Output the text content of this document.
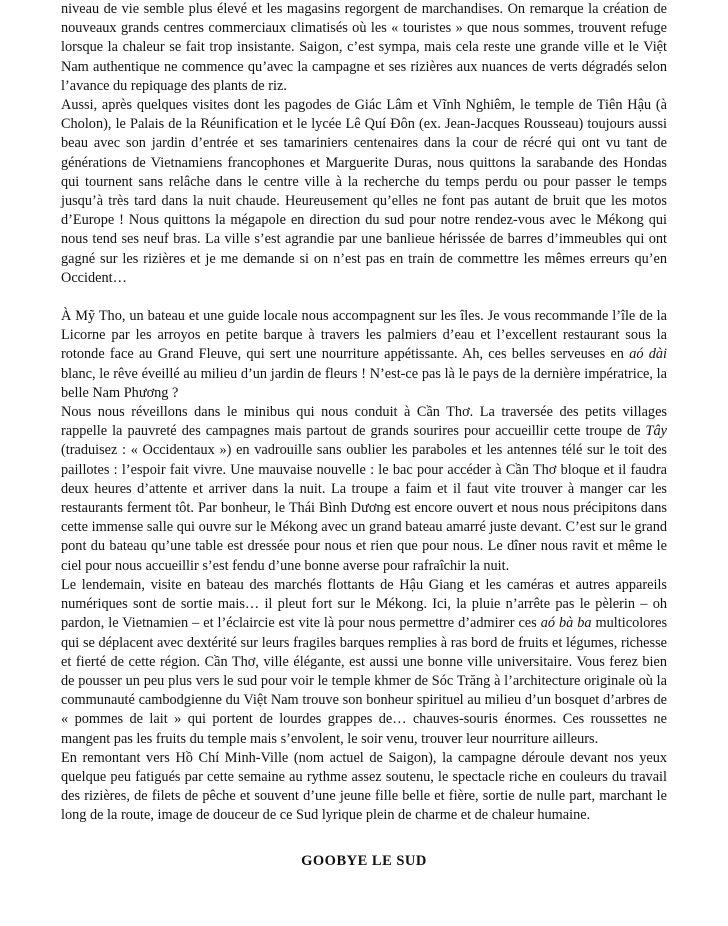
niveau de vie semble plus élevé et les magasins regorgent de marchandises. On remarque la création de nouveaux grands centres commerciaux climatisés où les « touristes » que nous sommes, trouvent refuge lorsque la chaleur se fait trop insistante. Saigon, c’est sympa, mais cela reste une grande ville et le Việt Nam authentique ne commence qu’avec la campagne et ses rizières aux nuances de verts dégradés selon l’avance du repiquage des plants de riz.

Aussi, après quelques visites dont les pagodes de Giác Lâm et Vĩnh Nghiêm, le temple de Tiên Hậu (à Cholon), le Palais de la Réunification et le lycée Lê Quí Đôn (ex. Jean-Jacques Rousseau) toujours aussi beau avec son jardin d’entrée et ses tamariniers centenaires dans la cour de récré qui ont vu tant de générations de Vietnamiens francophones et Marguerite Duras, nous quittons la sarabande des Hondas qui tournent sans relâche dans le centre ville à la recherche du temps perdu ou pour passer le temps jusqu’à très tard dans la nuit chaude. Heureusement qu’elles ne font pas autant de bruit que les motos d’Europe ! Nous quittons la mégapole en direction du sud pour notre rendez-vous avec le Mékong qui nous tend ses neuf bras. La ville s’est agrandie par une banlieue hérissée de barres d’immeubles qui ont gagné sur les rizières et je me demande si on n’est pas en train de commettre les mêmes erreurs qu’en Occident…

À Mỹ Tho, un bateau et une guide locale nous accompagnent sur les îles. Je vous recommande l’île de la Licorne par les arroyos en petite barque à travers les palmiers d’eau et l’excellent restaurant sous la rotonde face au Grand Fleuve, qui sert une nourriture appétissante. Ah, ces belles serveuses en aó dài blanc, le rêve éveillé au milieu d’un jardin de fleurs ! N’est-ce pas là le pays de la dernière impératrice, la belle Nam Phương ?

Nous nous réveillons dans le minibus qui nous conduit à Cần Thơ. La traversée des petits villages rappelle la pauvreté des campagnes mais partout de grands sourires pour accueillir cette troupe de Tây (traduisez : « Occidentaux ») en vadrouille sans oublier les paraboles et les antennes télé sur le toit des paillotes : l’espoir fait vivre. Une mauvaise nouvelle : le bac pour accéder à Cần Thơ bloque et il faudra deux heures d’attente et arriver dans la nuit. La troupe a faim et il faut vite trouver à manger car les restaurants ferment tôt. Par bonheur, le Thái Bình Dương est encore ouvert et nous nous précipitons dans cette immense salle qui ouvre sur le Mékong avec un grand bateau amarré juste devant. C’est sur le grand pont du bateau qu’une table est dressée pour nous et rien que pour nous. Le dîner nous ravit et même le ciel pour nous accueillir s’est fendu d’une bonne averse pour rafraîchir la nuit.

Le lendemain, visite en bateau des marchés flottants de Hậu Giang et les caméras et autres appareils numériques sont de sortie mais… il pleut fort sur le Mékong. Ici, la pluie n’arrête pas le pèlerin – oh pardon, le Vietnamien – et l’éclaircie est vite là pour nous permettre d’admirer ces aó bà ba multicolores qui se déplacent avec dextérité sur leurs fragiles barques remplies à ras bord de fruits et légumes, richesse et fierté de cette région. Cần Thơ, ville élégante, est aussi une bonne ville universitaire. Vous ferez bien de pousser un peu plus vers le sud pour voir le temple khmer de Sóc Trăng à l’architecture originale où la communauté cambodgienne du Việt Nam trouve son bonheur spirituel au milieu d’un bosquet d’arbres de « pommes de lait » qui portent de lourdes grappes de… chauves-souris énormes. Ces roussettes ne mangent pas les fruits du temple mais s’envolent, le soir venu, trouver leur nourriture ailleurs.

En remontant vers Hồ Chí Minh-Ville (nom actuel de Saigon), la campagne déroule devant nos yeux quelque peu fatigués par cette semaine au rythme assez soutenu, le spectacle riche en couleurs du travail des rizières, de filets de pêche et souvent d’une jeune fille belle et fière, sortie de nulle part, marchant le long de la route, image de douceur de ce Sud lyrique plein de charme et de chaleur humaine.

GOOBYE LE SUD
